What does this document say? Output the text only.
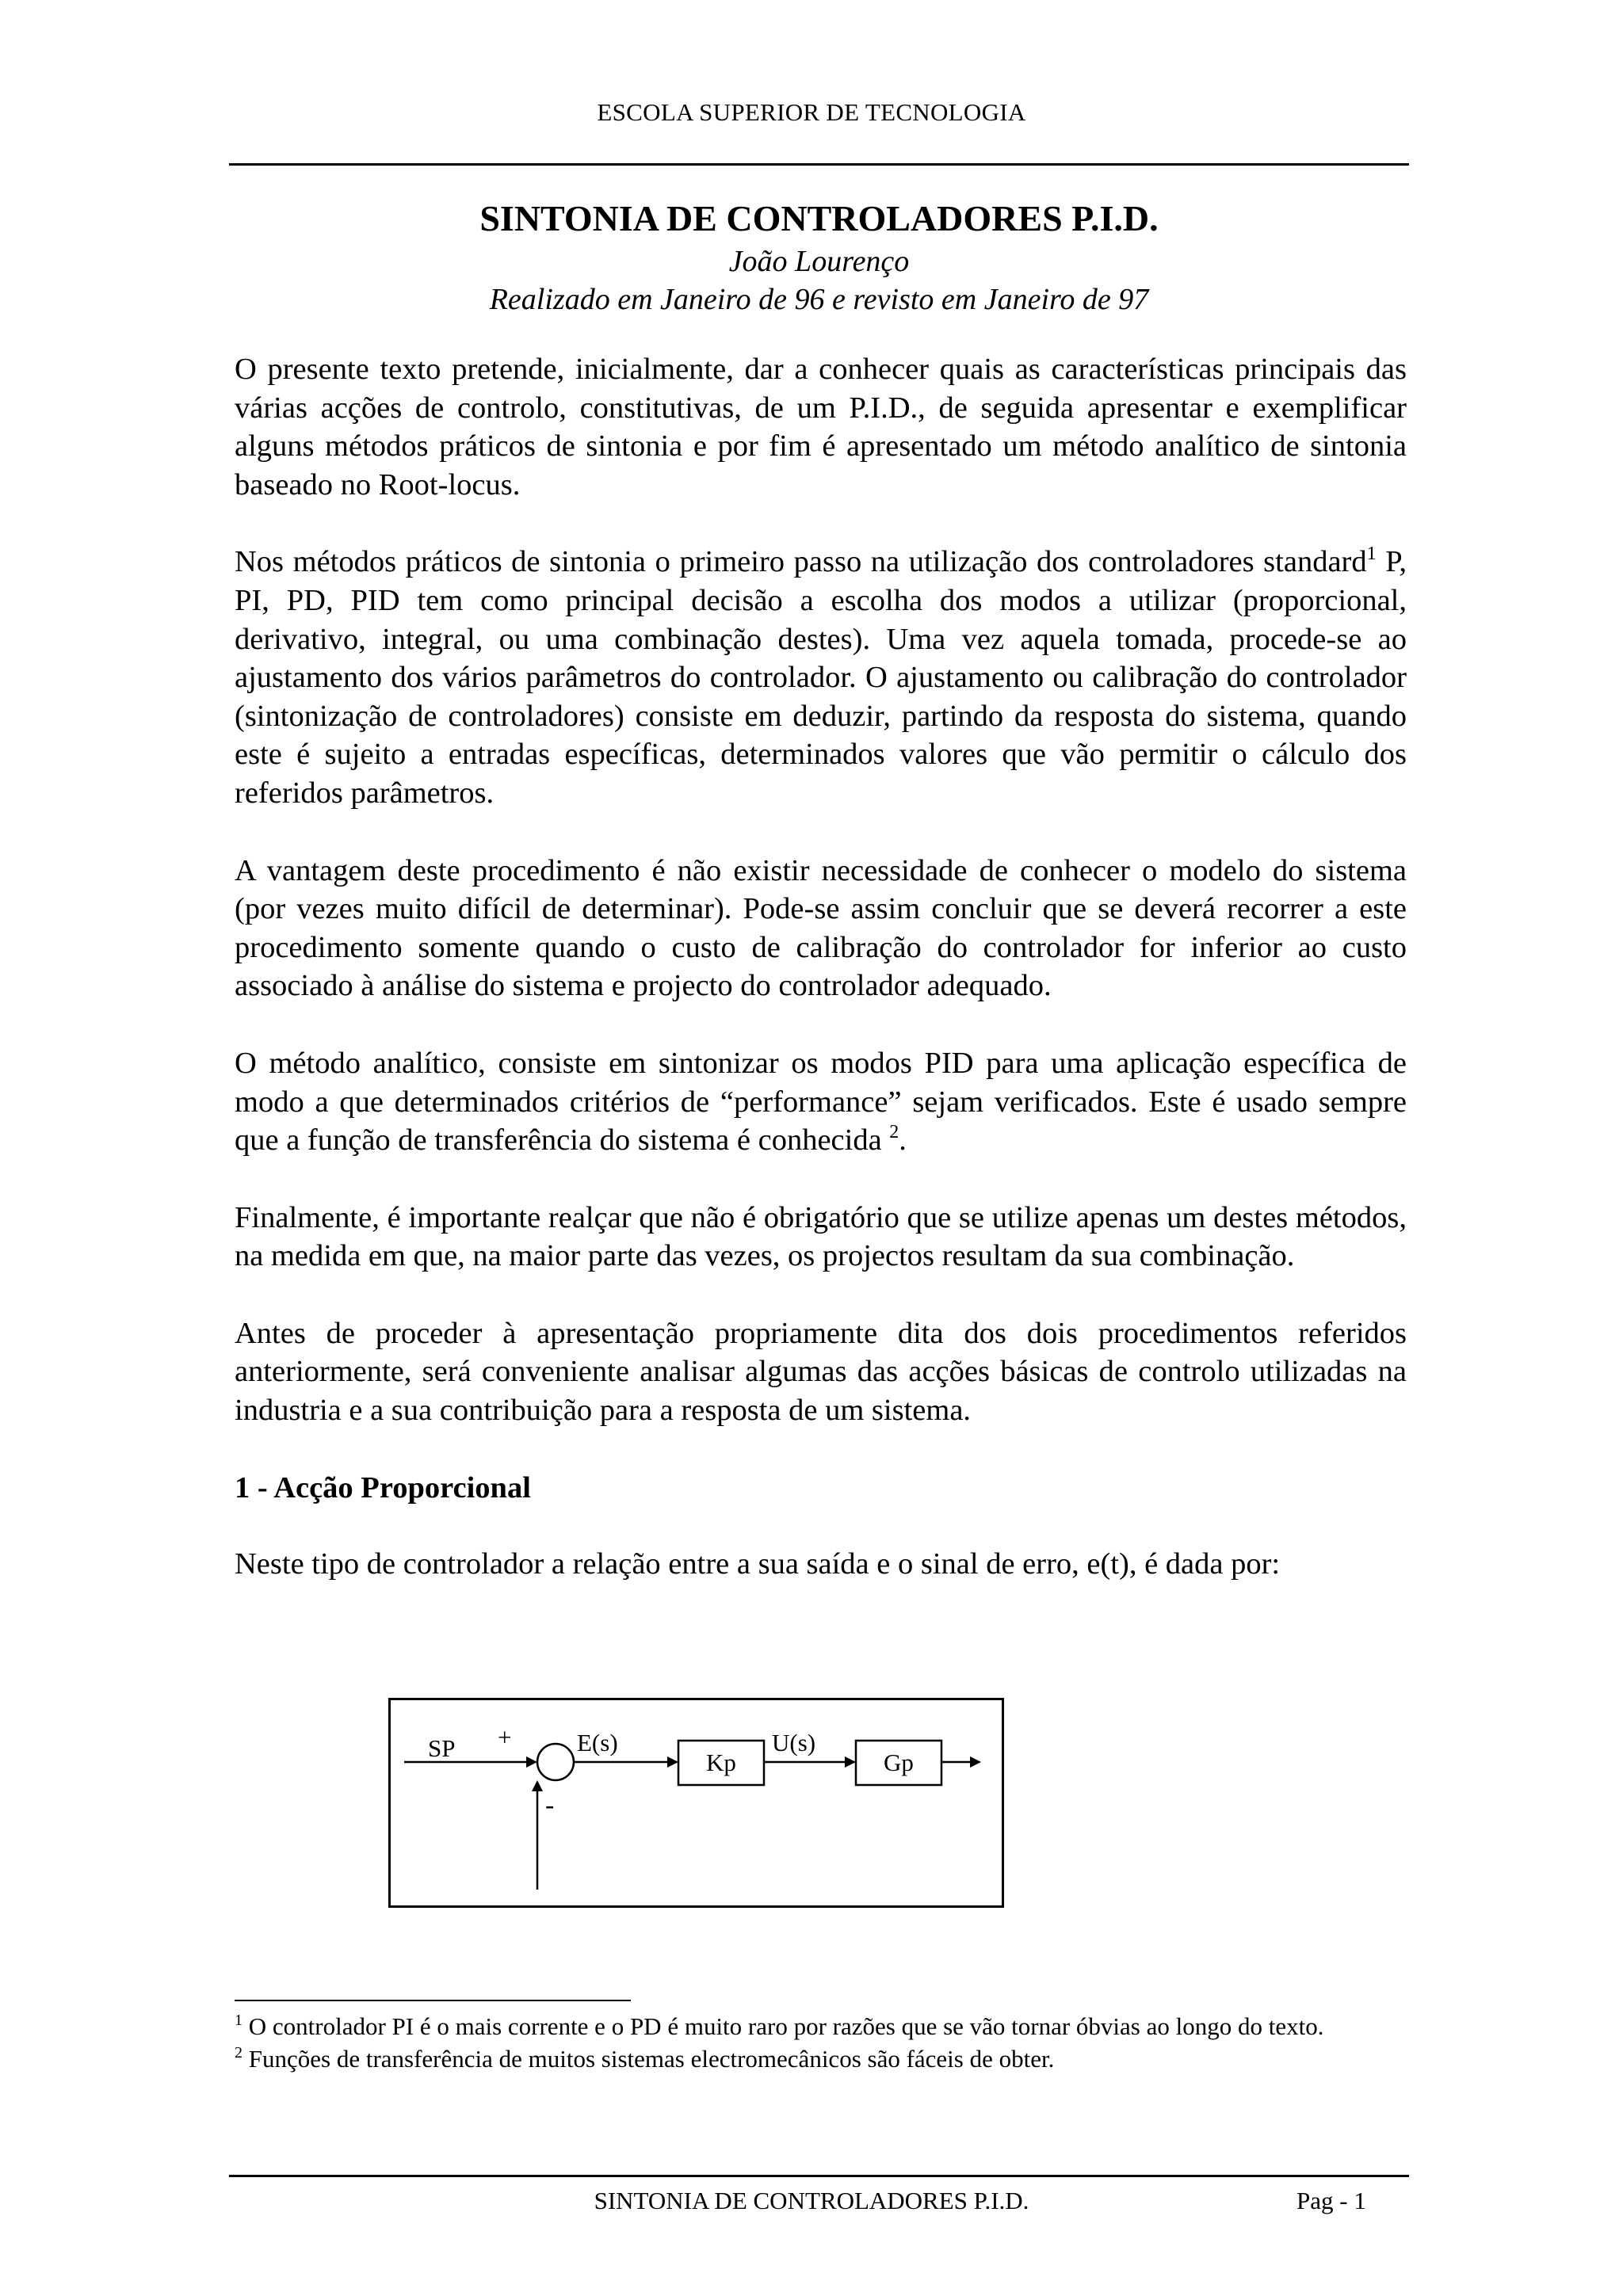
ESCOLA SUPERIOR DE TECNOLOGIA
SINTONIA DE CONTROLADORES P.I.D.
João Lourenço
Realizado em Janeiro de 96 e revisto em Janeiro de 97

O presente texto pretende, inicialmente, dar a conhecer quais as características principais das várias acções de controlo, constitutivas, de um P.I.D., de seguida apresentar e exemplificar alguns métodos práticos de sintonia e por fim é apresentado um método analítico de sintonia baseado no Root-locus.

Nos métodos práticos de sintonia o primeiro passo na utilização dos controladores standard$^1$ P, PI, PD, PID tem como principal decisão a escolha dos modos a utilizar (proporcional, derivativo, integral, ou uma combinação destes). Uma vez aquela tomada, procede-se ao ajustamento dos vários parâmetros do controlador. O ajustamento ou calibração do controlador (sintonização de controladores) consiste em deduzir, partindo da resposta do sistema, quando este é sujeito a entradas específicas, determinados valores que vão permitir o cálculo dos referidos parâmetros.

A vantagem deste procedimento é não existir necessidade de conhecer o modelo do sistema (por vezes muito difícil de determinar). Pode-se assim concluir que se deverá recorrer a este procedimento somente quando o custo de calibração do controlador for inferior ao custo associado à análise do sistema e projecto do controlador adequado.

O método analítico, consiste em sintonizar os modos PID para uma aplicação específica de modo a que determinados critérios de “performance” sejam verificados. Este é usado sempre que a função de transferência do sistema é conhecida $^2$.

Finalmente, é importante realçar que não é obrigatório que se utilize apenas um destes métodos, na medida em que, na maior parte das vezes, os projectos resultam da sua combinação.

Antes de proceder à apresentação propriamente dita dos dois procedimentos referidos anteriormente, será conveniente analisar algumas das acções básicas de controlo utilizadas na industria e a sua contribuição para a resposta de um sistema.

1 - Acção Proporcional

Neste tipo de controlador a relação entre a sua saída e o sinal de erro, e(t), é dada por:

SP +	E(s)
Kp
U(s)
Gp
-

$^1$ O controlador PI é o mais corrente e o PD é muito raro por razões que se vão tornar óbvias ao longo do texto.

$^2$ Funções de transferência de muitos sistemas electromecânicos são fáceis de obter.

SINTONIA DE CONTROLADORES P.I.D.	Pag - 1
